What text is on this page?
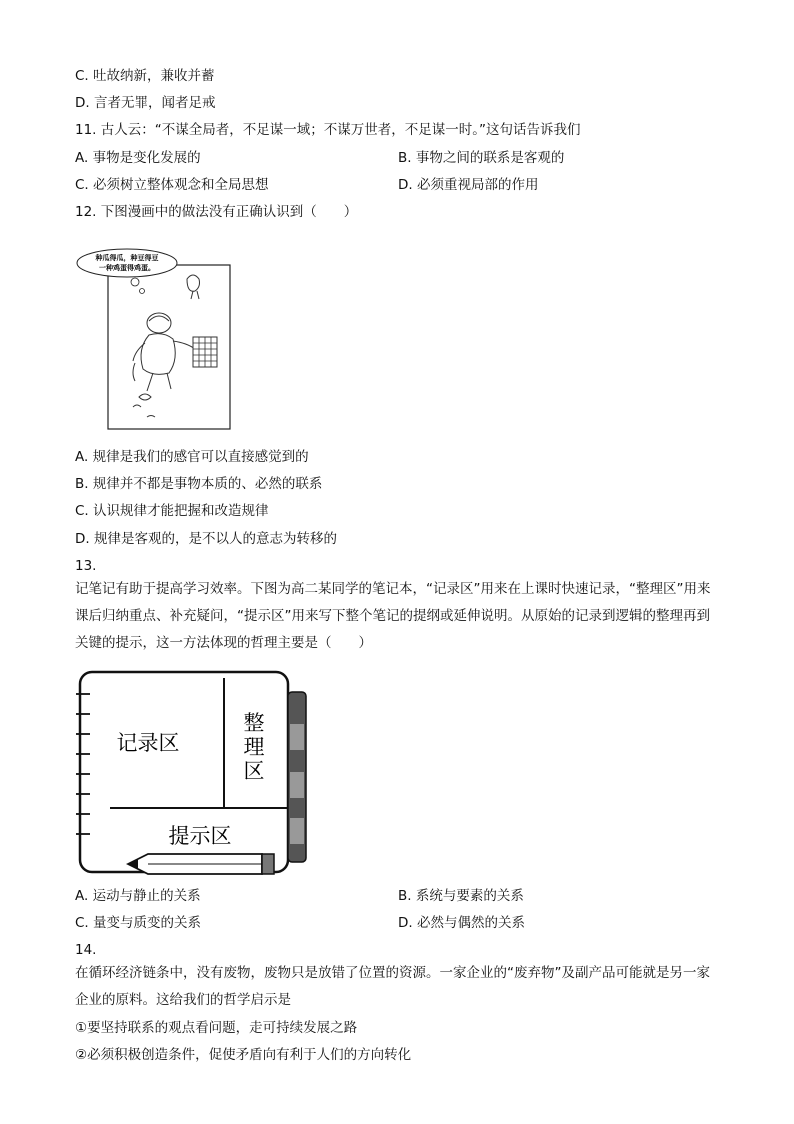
C. 吐故纳新，兼收并蓄
D. 言者无罪，闻者足戒
11. 古人云：“不谋全局者，不足谋一域；不谋万世者，不足谋一时。”这句话告诉我们
A. 事物是变化发展的	B. 事物之间的联系是客观的
C. 必须树立整体观念和全局思想	D. 必须重视局部的作用
12. 下图漫画中的做法没有正确认识到（　　）
种瓜得瓜，种豆得豆
一种鸡蛋得鸡蛋。
A. 规律是我们的感官可以直接感觉到的
B. 规律并不都是事物本质的、必然的联系
C. 认识规律才能把握和改造规律
D. 规律是客观的，是不以人的意志为转移的
13.
记笔记有助于提高学习效率。下图为高二某同学的笔记本，“记录区”用来在上课时快速记录，“整理区”用来课后归纳重点、补充疑问，“提示区”用来写下整个笔记的提纲或延伸说明。从原始的记录到逻辑的整理再到关键的提示，这一方法体现的哲理主要是（　　）
记录区
整
理
区
提示区
A. 运动与静止的关系	B. 系统与要素的关系
C. 量变与质变的关系	D. 必然与偶然的关系
14.
在循环经济链条中，没有废物，废物只是放错了位置的资源。一家企业的“废弃物”及副产品可能就是另一家企业的原料。这给我们的哲学启示是
①要坚持联系的观点看问题，走可持续发展之路
②必须积极创造条件，促使矛盾向有利于人们的方向转化
